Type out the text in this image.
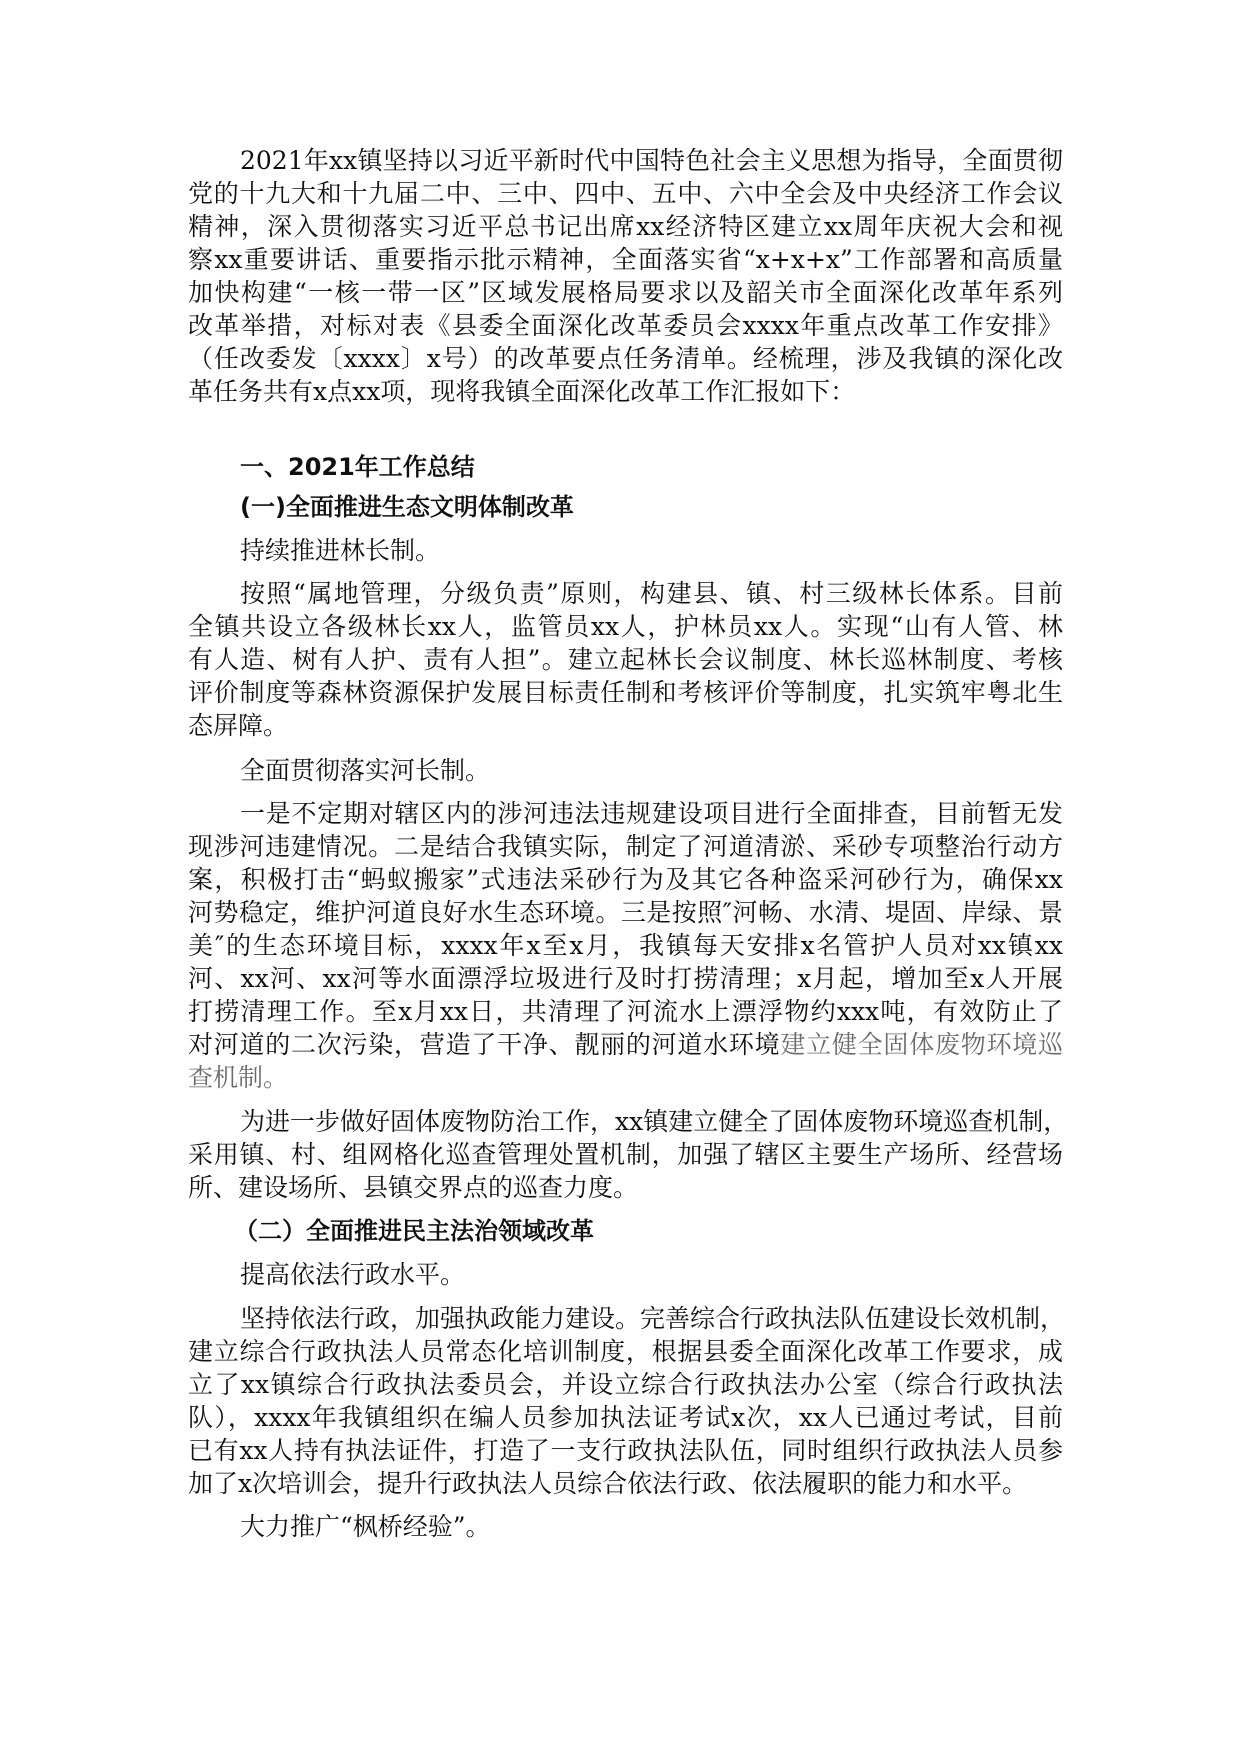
2021年xx镇坚持以习近平新时代中国特色社会主义思想为指导，全面贯彻
党的十九大和十九届二中、三中、四中、五中、六中全会及中央经济工作会议
精神，深入贯彻落实习近平总书记出席xx经济特区建立xx周年庆祝大会和视
察xx重要讲话、重要指示批示精神，全面落实省“x+x+x”工作部署和高质量
加快构建“一核一带一区”区域发展格局要求以及韶关市全面深化改革年系列
改革举措，对标对表《县委全面深化改革委员会xxxx年重点改革工作安排》
（任改委发〔xxxx〕x号）的改革要点任务清单。经梳理，涉及我镇的深化改
革任务共有x点xx项，现将我镇全面深化改革工作汇报如下：
一、2021年工作总结
(一)全面推进生态文明体制改革
持续推进林长制。
按照“属地管理，分级负责”原则，构建县、镇、村三级林长体系。目前
全镇共设立各级林长xx人，监管员xx人，护林员xx人。实现“山有人管、林
有人造、树有人护、责有人担”。建立起林长会议制度、林长巡林制度、考核
评价制度等森林资源保护发展目标责任制和考核评价等制度，扎实筑牢粤北生
态屏障。
全面贯彻落实河长制。
一是不定期对辖区内的涉河违法违规建设项目进行全面排查，目前暂无发
现涉河违建情况。二是结合我镇实际，制定了河道清淤、采砂专项整治行动方
案，积极打击“蚂蚁搬家”式违法采砂行为及其它各种盗采河砂行为，确保xx
河势稳定，维护河道良好水生态环境。三是按照″河畅、水清、堤固、岸绿、景
美″的生态环境目标，xxxx年x至x月，我镇每天安排x名管护人员对xx镇xx
河、xx河、xx河等水面漂浮垃圾进行及时打捞清理；x月起，增加至x人开展
打捞清理工作。至x月xx日，共清理了河流水上漂浮物约xxx吨，有效防止了
对河道的二次污染，营造了干净、靓丽的河道水环境建立健全固体废物环境巡
查机制。
为进一步做好固体废物防治工作，xx镇建立健全了固体废物环境巡查机制，
采用镇、村、组网格化巡查管理处置机制，加强了辖区主要生产场所、经营场
所、建设场所、县镇交界点的巡查力度。
（二）全面推进民主法治领域改革
提高依法行政水平。
坚持依法行政，加强执政能力建设。完善综合行政执法队伍建设长效机制，
建立综合行政执法人员常态化培训制度，根据县委全面深化改革工作要求，成
立了xx镇综合行政执法委员会，并设立综合行政执法办公室（综合行政执法
队），xxxx年我镇组织在编人员参加执法证考试x次，xx人已通过考试，目前
已有xx人持有执法证件，打造了一支行政执法队伍，同时组织行政执法人员参
加了x次培训会，提升行政执法人员综合依法行政、依法履职的能力和水平。
大力推广“枫桥经验”。
